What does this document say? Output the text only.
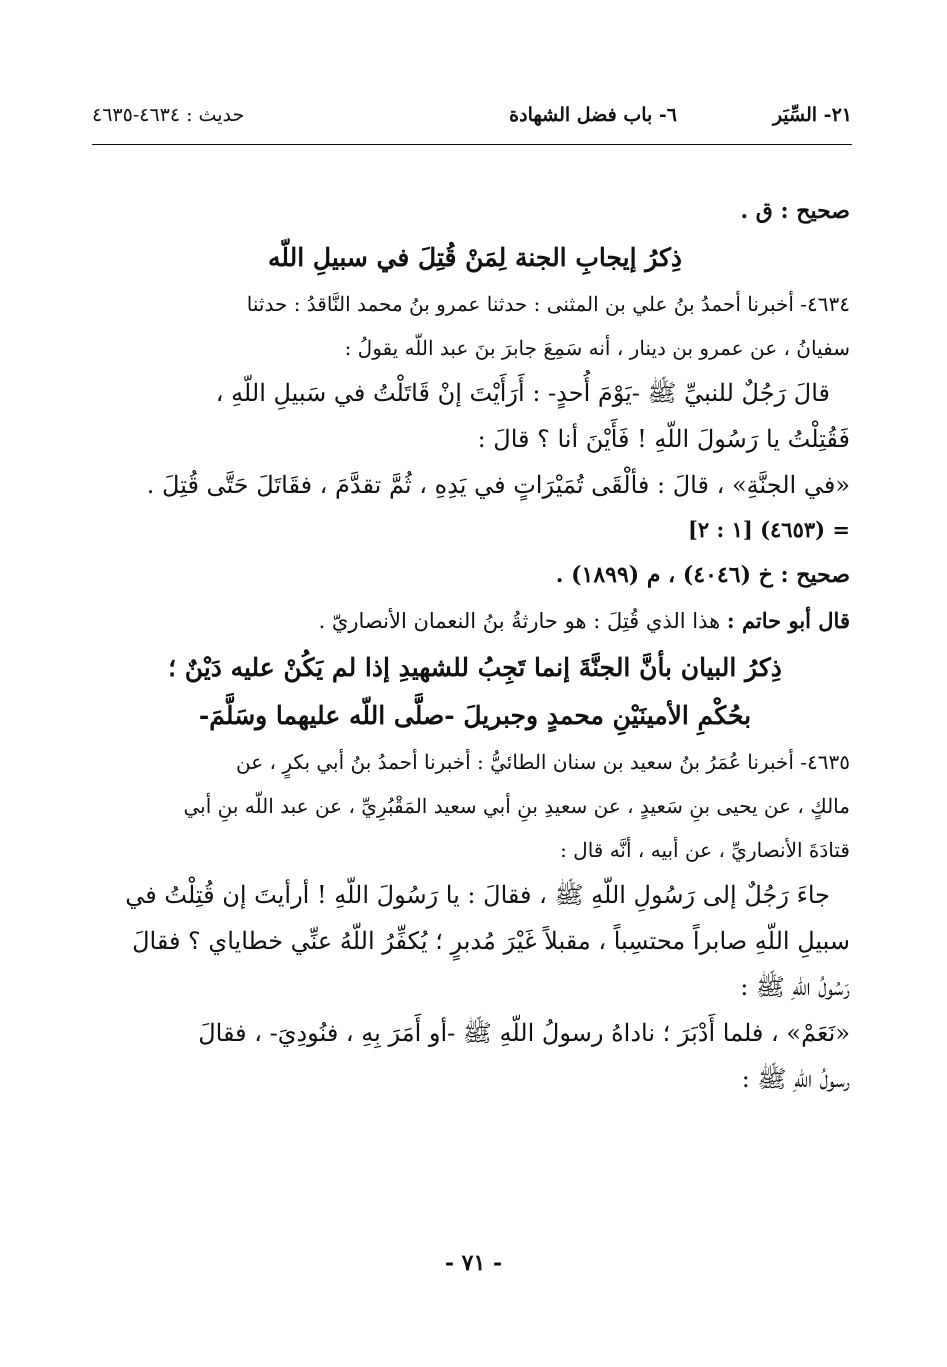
٢١- السِّيَر
٦- باب فضل الشهادة
حديث : ٤٦٣٤-٤٦٣٥
صحيح : ق .
ذِكرُ إيجابِ الجنة لِمَنْ قُتِلَ في سبيلِ اللّه
٤٦٣٤- أخبرنا أحمدُ بنُ علي بن المثنى : حدثنا عمرو بنُ محمد النَّاقدُ : حدثنا
سفيانُ ، عن عمرو بن دينار ، أنه سَمِعَ جابرَ بنَ عبد اللّه يقولُ :
قالَ رَجُلٌ للنبيِّ ﷺ -يَوْمَ أُحدٍ- : أَرَأَيْتَ إنْ قَاتَلْتُ في سَبيلِ اللّهِ ،
فَقُتِلْتُ يا رَسُولَ اللّهِ ! فَأَيْنَ أنا ؟ قالَ :
«في الجنَّةِ» ، قالَ : فألْقَى تُمَيْرَاتٍ في يَدِهِ ، ثُمَّ تقدَّمَ ، فقَاتَلَ حَتَّى قُتِلَ .
= (٤٦٥٣) [١ : ٢]
صحيح : خ (٤٠٤٦) ، م (١٨٩٩) .
قال أبو حاتم : هذا الذي قُتِلَ : هو حارثةُ بنُ النعمان الأنصاريّ .
ذِكرُ البيان بأنَّ الجنَّةَ إنما تَجِبُ للشهيدِ إذا لم يَكُنْ عليه دَيْنٌ ؛
بحُكْمِ الأمينَيْنِ محمدٍ وجبريلَ -صلَّى اللّه عليهما وسَلَّمَ-
٤٦٣٥- أخبرنا عُمَرُ بنُ سعيد بن سنان الطائيُّ : أخبرنا أحمدُ بنُ أبي بكرٍ ، عن
مالكٍ ، عن يحيى بنِ سَعيدٍ ، عن سعيدِ بنِ أبي سعيد المَقْبُرِيِّ ، عن عبد اللّه بنِ أبي
قتادَةَ الأنصاريِّ ، عن أبيه ، أنَّه قال :
جاءَ رَجُلٌ إلى رَسُولِ اللّهِ ﷺ ، فقالَ : يا رَسُولَ اللّهِ ! أرأيتَ إن قُتِلْتُ في
سبيلِ اللّهِ صابراً محتسِباً ، مقبلاً غَيْرَ مُدبرٍ ؛ يُكفِّرُ اللّهُ عنِّي خطاياي ؟ فقالَ
رَسُولُ اللّهِ ﷺ :
«نَعَمْ» ، فلما أَدْبَرَ ؛ ناداهُ رسولُ اللّهِ ﷺ -أو أَمَرَ بِهِ ، فنُودِيَ- ، فقالَ
رسولُ اللّهِ ﷺ :
- ٧١ -
